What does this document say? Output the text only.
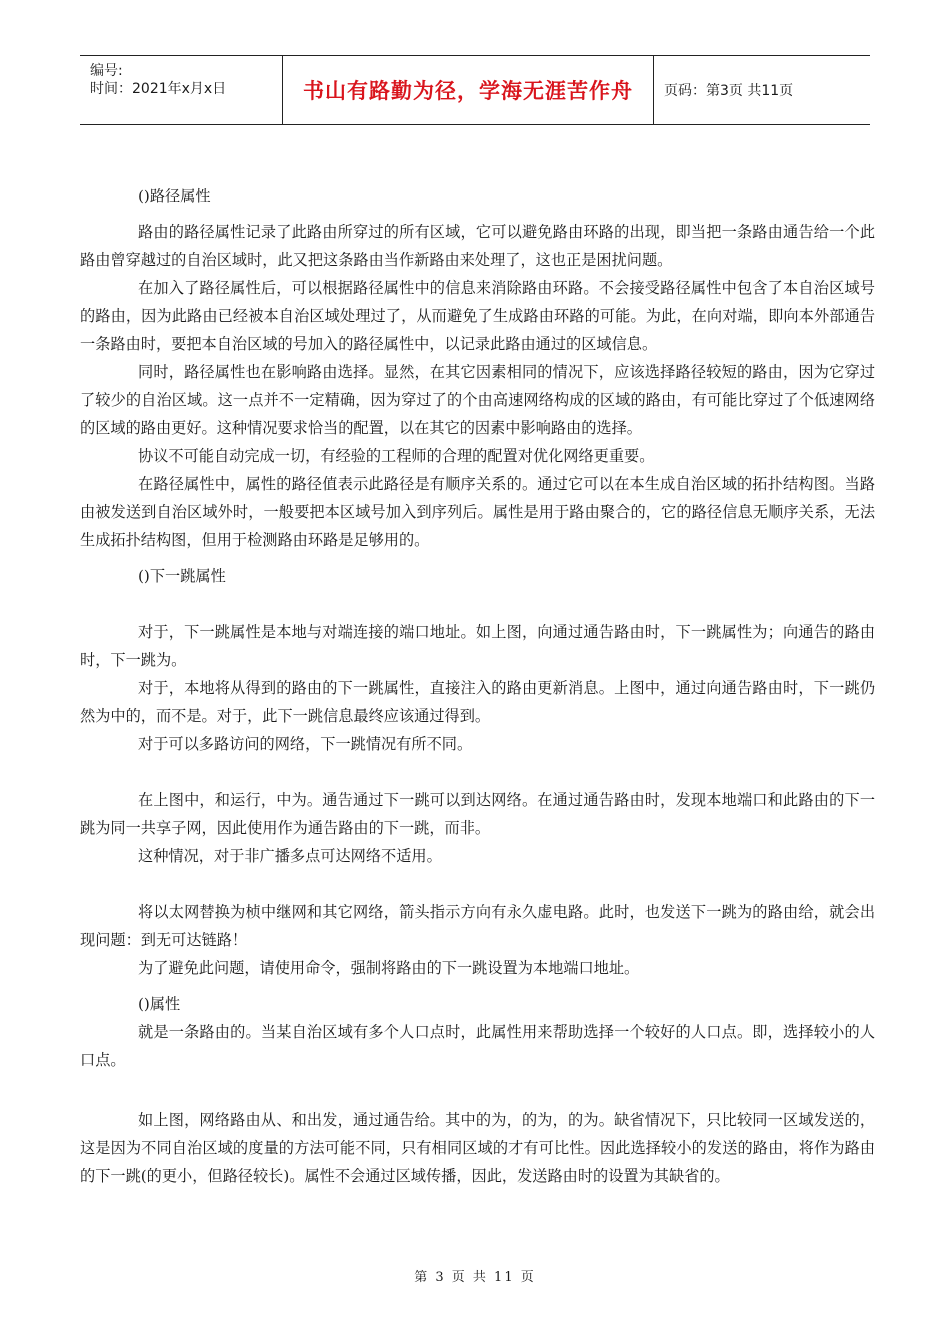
编号:
时间：2021年x月x日	书山有路勤为径，学海无涯苦作舟	页码：第3页 共11页

()路径属性

路由的路径属性记录了此路由所穿过的所有区域，它可以避免路由环路的出现，即当把一条路由通告给一个此路由曾穿越过的自治区域时，此又把这条路由当作新路由来处理了，这也正是困扰问题。

在加入了路径属性后，可以根据路径属性中的信息来消除路由环路。不会接受路径属性中包含了本自治区域号的路由，因为此路由已经被本自治区域处理过了，从而避免了生成路由环路的可能。为此，在向对端，即向本外部通告一条路由时，要把本自治区域的号加入的路径属性中，以记录此路由通过的区域信息。

同时，路径属性也在影响路由选择。显然，在其它因素相同的情况下，应该选择路径较短的路由，因为它穿过了较少的自治区域。这一点并不一定精确，因为穿过了的个由高速网络构成的区域的路由，有可能比穿过了个低速网络的区域的路由更好。这种情况要求恰当的配置，以在其它的因素中影响路由的选择。

协议不可能自动完成一切，有经验的工程师的合理的配置对优化网络更重要。

在路径属性中，属性的路径值表示此路径是有顺序关系的。通过它可以在本生成自治区域的拓扑结构图。当路由被发送到自治区域外时，一般要把本区域号加入到序列后。属性是用于路由聚合的，它的路径信息无顺序关系，无法生成拓扑结构图，但用于检测路由环路是足够用的。

()下一跳属性

对于，下一跳属性是本地与对端连接的端口地址。如上图，向通过通告路由时，下一跳属性为；向通告的路由时，下一跳为。

对于，本地将从得到的路由的下一跳属性，直接注入的路由更新消息。上图中，通过向通告路由时，下一跳仍然为中的，而不是。对于，此下一跳信息最终应该通过得到。

对于可以多路访问的网络，下一跳情况有所不同。

在上图中，和运行，中为。通告通过下一跳可以到达网络。在通过通告路由时，发现本地端口和此路由的下一跳为同一共享子网，因此使用作为通告路由的下一跳，而非。

这种情况，对于非广播多点可达网络不适用。

将以太网替换为桢中继网和其它网络，箭头指示方向有永久虚电路。此时，也发送下一跳为的路由给，就会出现问题：到无可达链路！

为了避免此问题，请使用命令，强制将路由的下一跳设置为本地端口地址。

()属性

就是一条路由的。当某自治区域有多个人口点时，此属性用来帮助选择一个较好的人口点。即，选择较小的人口点。

如上图，网络路由从、和出发，通过通告给。其中的为，的为，的为。缺省情况下，只比较同一区域发送的，这是因为不同自治区域的度量的方法可能不同，只有相同区域的才有可比性。因此选择较小的发送的路由，将作为路由的下一跳(的更小，但路径较长)。属性不会通过区域传播，因此，发送路由时的设置为其缺省的。

第 3 页 共 11 页
